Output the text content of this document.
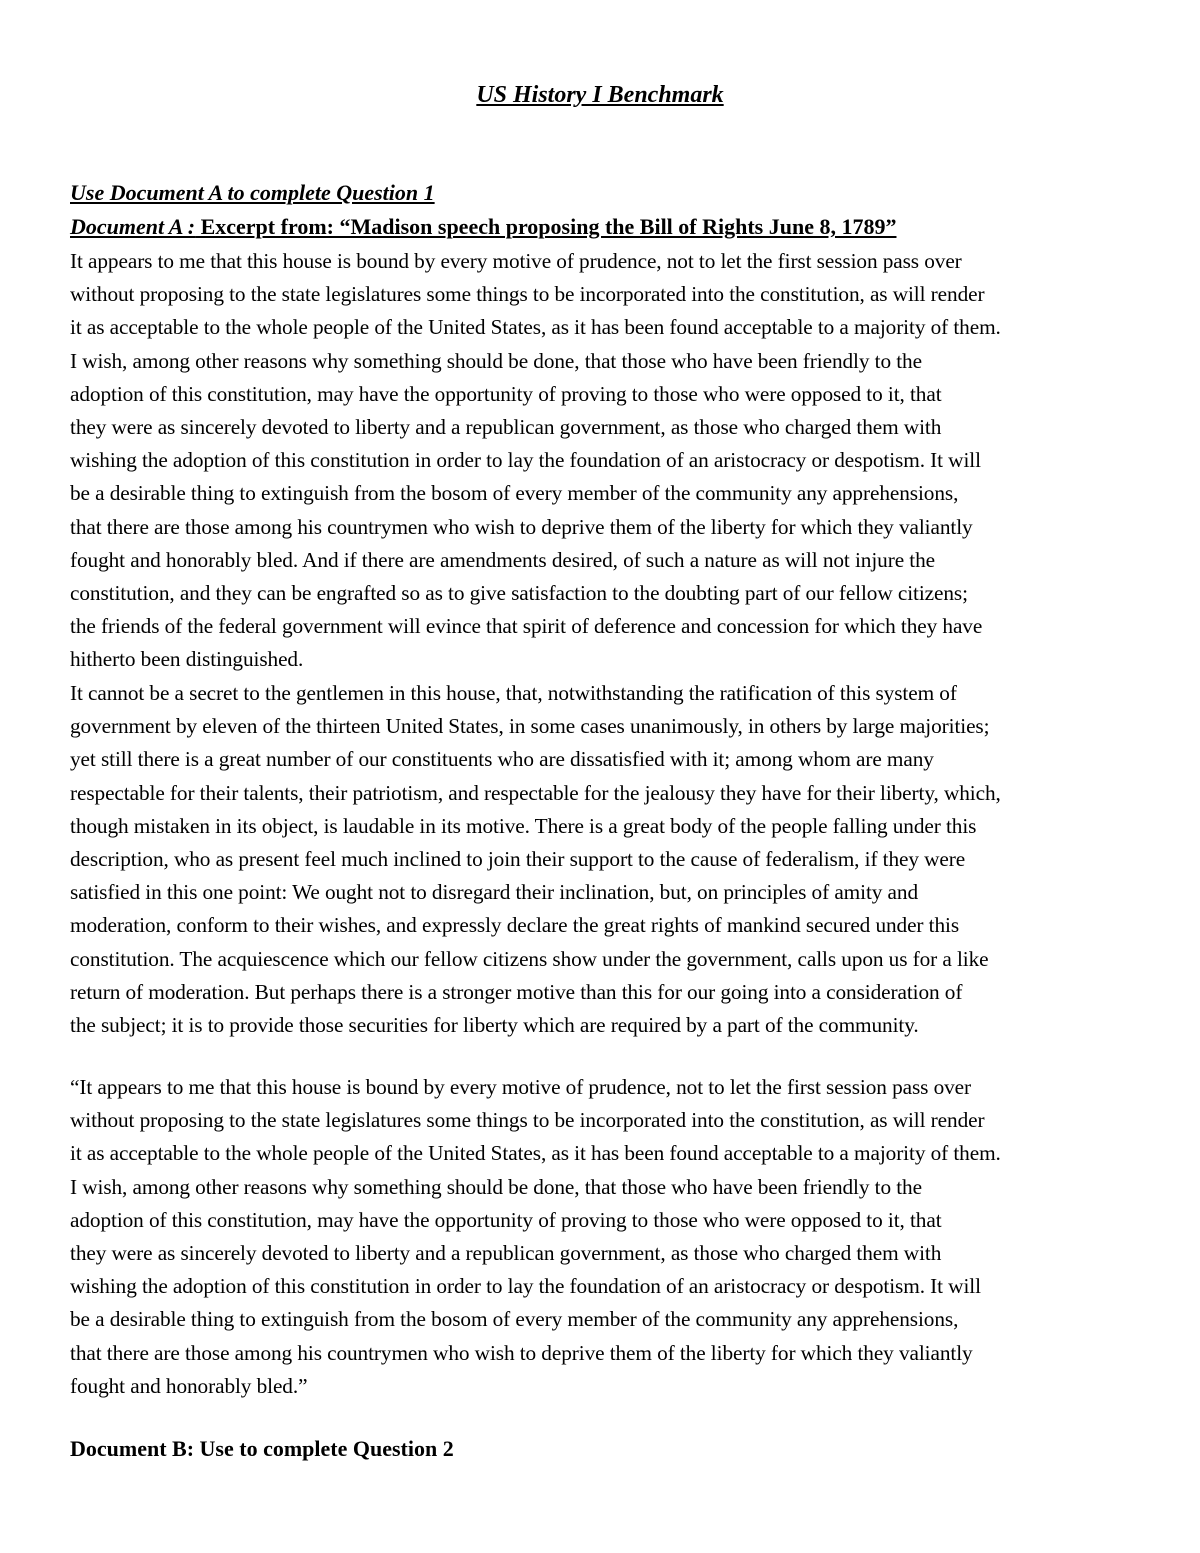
US History I Benchmark

Use Document A to complete Question 1

Document A : Excerpt from: “Madison speech proposing the Bill of Rights June 8, 1789”

It appears to me that this house is bound by every motive of prudence, not to let the first session pass over
without proposing to the state legislatures some things to be incorporated into the constitution, as will render
it as acceptable to the whole people of the United States, as it has been found acceptable to a majority of them.
I wish, among other reasons why something should be done, that those who have been friendly to the
adoption of this constitution, may have the opportunity of proving to those who were opposed to it, that
they were as sincerely devoted to liberty and a republican government, as those who charged them with
wishing the adoption of this constitution in order to lay the foundation of an aristocracy or despotism. It will
be a desirable thing to extinguish from the bosom of every member of the community any apprehensions,
that there are those among his countrymen who wish to deprive them of the liberty for which they valiantly
fought and honorably bled. And if there are amendments desired, of such a nature as will not injure the
constitution, and they can be engrafted so as to give satisfaction to the doubting part of our fellow citizens;
the friends of the federal government will evince that spirit of deference and concession for which they have
hitherto been distinguished.
It cannot be a secret to the gentlemen in this house, that, notwithstanding the ratification of this system of
government by eleven of the thirteen United States, in some cases unanimously, in others by large majorities;
yet still there is a great number of our constituents who are dissatisfied with it; among whom are many
respectable for their talents, their patriotism, and respectable for the jealousy they have for their liberty, which,
though mistaken in its object, is laudable in its motive. There is a great body of the people falling under this
description, who as present feel much inclined to join their support to the cause of federalism, if they were
satisfied in this one point: We ought not to disregard their inclination, but, on principles of amity and
moderation, conform to their wishes, and expressly declare the great rights of mankind secured under this
constitution. The acquiescence which our fellow citizens show under the government, calls upon us for a like
return of moderation. But perhaps there is a stronger motive than this for our going into a consideration of
the subject; it is to provide those securities for liberty which are required by a part of the community.
“It appears to me that this house is bound by every motive of prudence, not to let the first session pass over
without proposing to the state legislatures some things to be incorporated into the constitution, as will render
it as acceptable to the whole people of the United States, as it has been found acceptable to a majority of them.
I wish, among other reasons why something should be done, that those who have been friendly to the
adoption of this constitution, may have the opportunity of proving to those who were opposed to it, that
they were as sincerely devoted to liberty and a republican government, as those who charged them with
wishing the adoption of this constitution in order to lay the foundation of an aristocracy or despotism. It will
be a desirable thing to extinguish from the bosom of every member of the community any apprehensions,
that there are those among his countrymen who wish to deprive them of the liberty for which they valiantly
fought and honorably bled.”

Document B: Use to complete Question 2
